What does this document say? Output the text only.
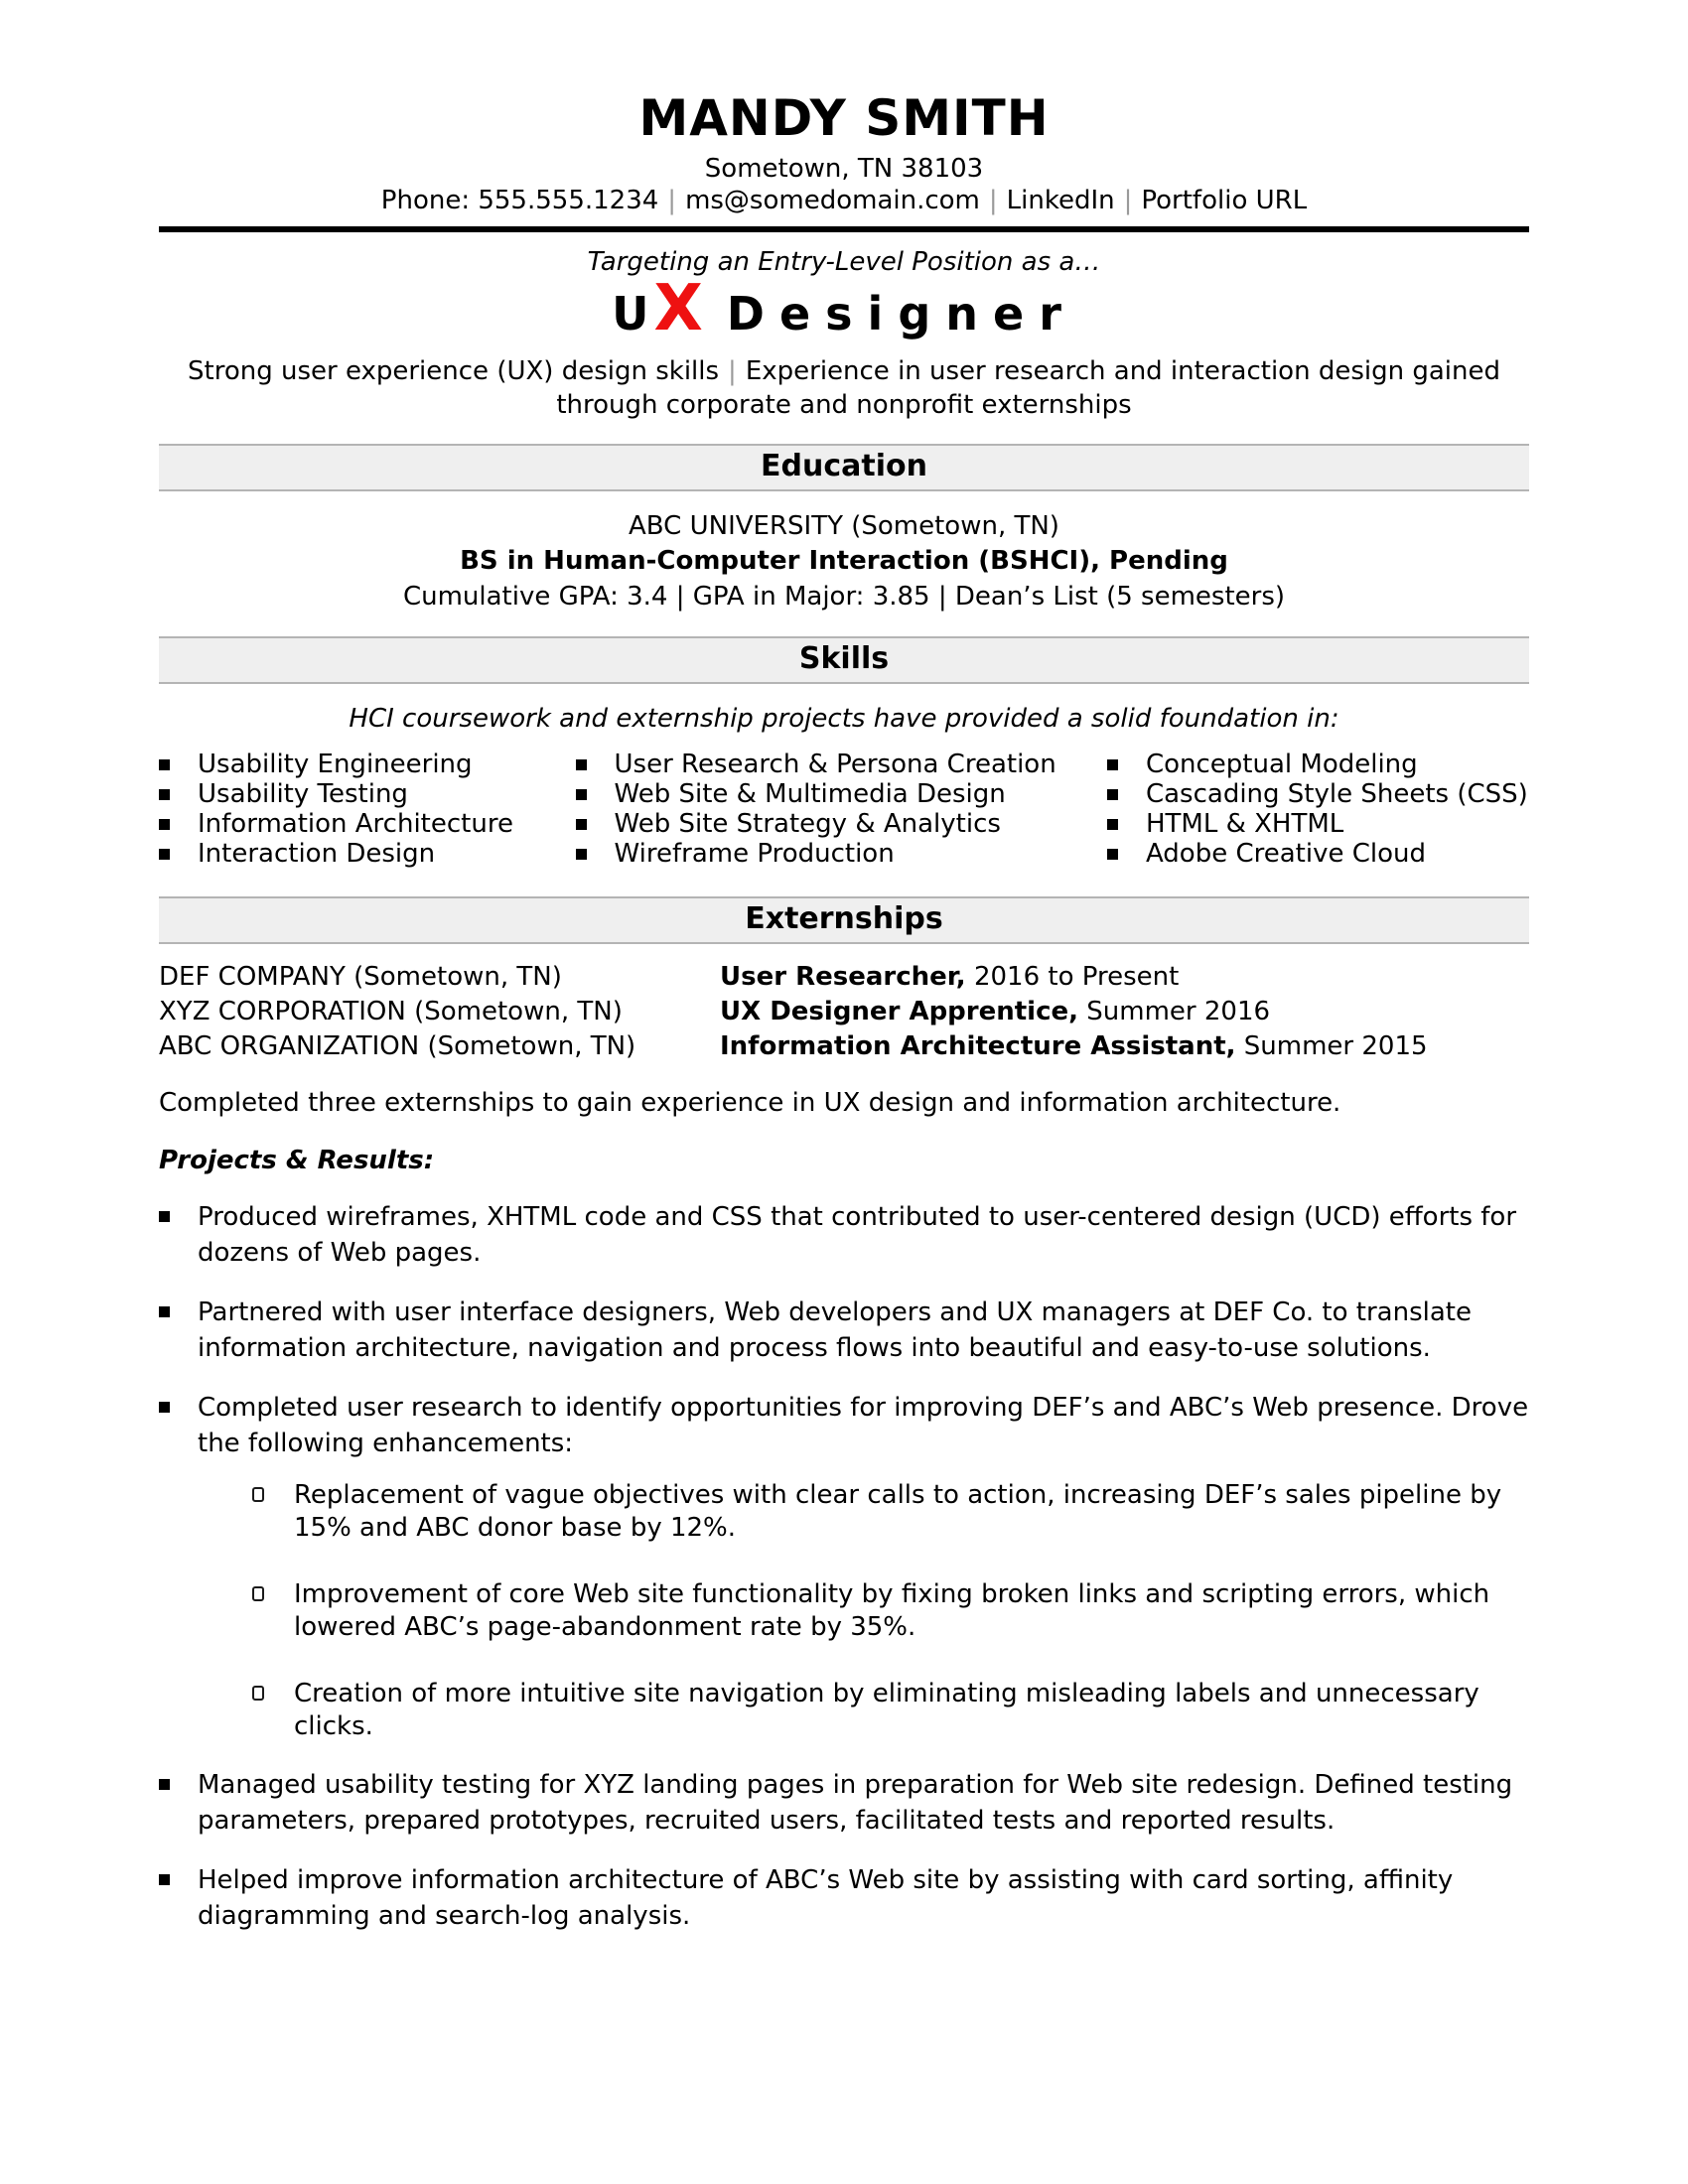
MANDY SMITH
Sometown, TN 38103
Phone: 555.555.1234 | ms@somedomain.com | LinkedIn | Portfolio URL
Targeting an Entry-Level Position as a…
UX Designer
Strong user experience (UX) design skills | Experience in user research and interaction design gained through corporate and nonprofit externships
Education
ABC UNIVERSITY (Sometown, TN)
BS in Human-Computer Interaction (BSHCI), Pending
Cumulative GPA: 3.4 | GPA in Major: 3.85 | Dean’s List (5 semesters)
Skills
HCI coursework and externship projects have provided a solid foundation in:
Usability Engineering
Usability Testing
Information Architecture
Interaction Design
User Research & Persona Creation
Web Site & Multimedia Design
Web Site Strategy & Analytics
Wireframe Production
Conceptual Modeling
Cascading Style Sheets (CSS)
HTML & XHTML
Adobe Creative Cloud
Externships
DEF COMPANY (Sometown, TN)	User Researcher, 2016 to Present
XYZ CORPORATION (Sometown, TN)	UX Designer Apprentice, Summer 2016
ABC ORGANIZATION (Sometown, TN)	Information Architecture Assistant, Summer 2015

Completed three externships to gain experience in UX design and information architecture.

Projects & Results:

Produced wireframes, XHTML code and CSS that contributed to user-centered design (UCD) efforts for dozens of Web pages.
Partnered with user interface designers, Web developers and UX managers at DEF Co. to translate information architecture, navigation and process flows into beautiful and easy-to-use solutions.
Completed user research to identify opportunities for improving DEF’s and ABC’s Web presence. Drove the following enhancements:
Replacement of vague objectives with clear calls to action, increasing DEF’s sales pipeline by 15% and ABC donor base by 12%.
Improvement of core Web site functionality by fixing broken links and scripting errors, which lowered ABC’s page-abandonment rate by 35%.
Creation of more intuitive site navigation by eliminating misleading labels and unnecessary clicks.
Managed usability testing for XYZ landing pages in preparation for Web site redesign. Defined testing parameters, prepared prototypes, recruited users, facilitated tests and reported results.
Helped improve information architecture of ABC’s Web site by assisting with card sorting, affinity diagramming and search-log analysis.
